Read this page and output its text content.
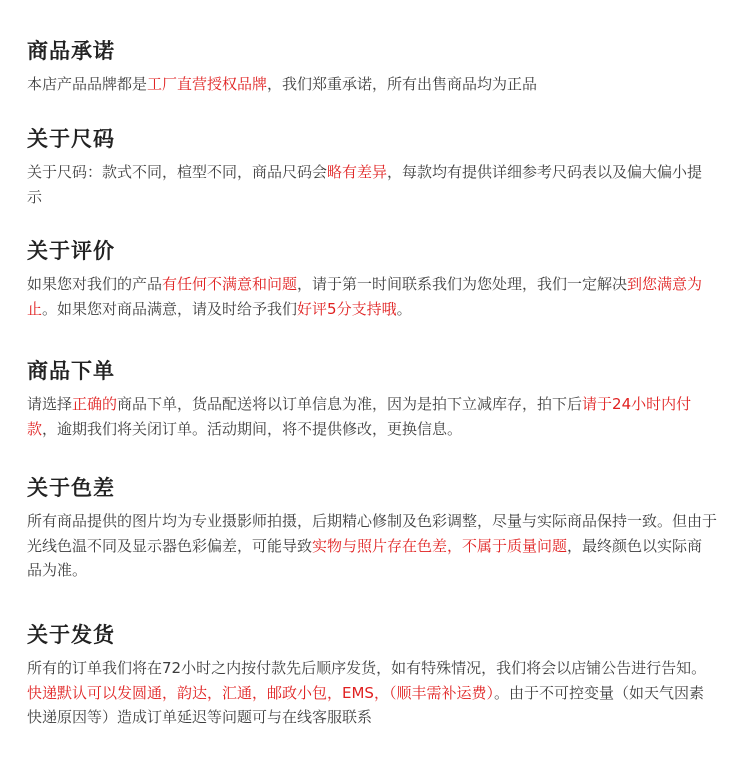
商品承诺

本店产品品牌都是工厂直营授权品牌，我们郑重承诺，所有出售商品均为正品

关于尺码

关于尺码：款式不同，楦型不同，商品尺码会略有差异，每款均有提供详细参考尺码表以及偏大偏小提示

关于评价

如果您对我们的产品有任何不满意和问题，请于第一时间联系我们为您处理，我们一定解决到您满意为止。如果您对商品满意，请及时给予我们好评5分支持哦。

商品下单

请选择正确的商品下单，货品配送将以订单信息为准，因为是拍下立减库存，拍下后请于24小时内付款，逾期我们将关闭订单。活动期间，将不提供修改，更换信息。

关于色差

所有商品提供的图片均为专业摄影师拍摄，后期精心修制及色彩调整，尽量与实际商品保持一致。但由于光线色温不同及显示器色彩偏差，可能导致实物与照片存在色差，不属于质量问题，最终颜色以实际商品为准。

关于发货

所有的订单我们将在72小时之内按付款先后顺序发货，如有特殊情况，我们将会以店铺公告进行告知。快递默认可以发圆通，韵达，汇通，邮政小包，EMS，（顺丰需补运费）。由于不可控变量（如天气因素快递原因等）造成订单延迟等问题可与在线客服联系
